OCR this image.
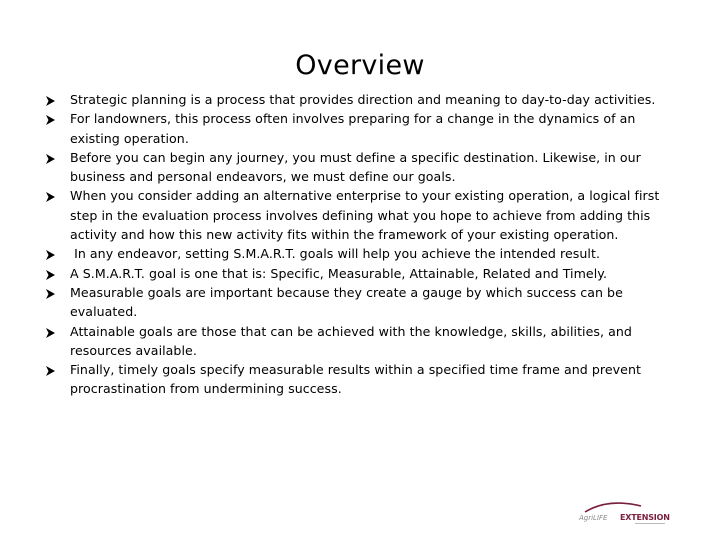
Overview
Strategic planning is a process that provides direction and meaning to day-to-day activities.
For landowners, this process often involves preparing for a change in the dynamics of an existing operation.
Before you can begin any journey, you must define a specific destination. Likewise, in our business and personal endeavors, we must define our goals.
When you consider adding an alternative enterprise to your existing operation, a logical first step in the evaluation process involves defining what you hope to achieve from adding this activity and how this new activity fits within the framework of your existing operation.
In any endeavor, setting S.M.A.R.T. goals will help you achieve the intended result.
A S.M.A.R.T. goal is one that is: Specific, Measurable, Attainable, Related and Timely.
Measurable goals are important because they create a gauge by which success can be evaluated.
Attainable goals are those that can be achieved with the knowledge, skills, abilities, and resources available.
Finally, timely goals specify measurable results within a specified time frame and prevent procrastination from undermining success.
AgriLIFE EXTENSION
